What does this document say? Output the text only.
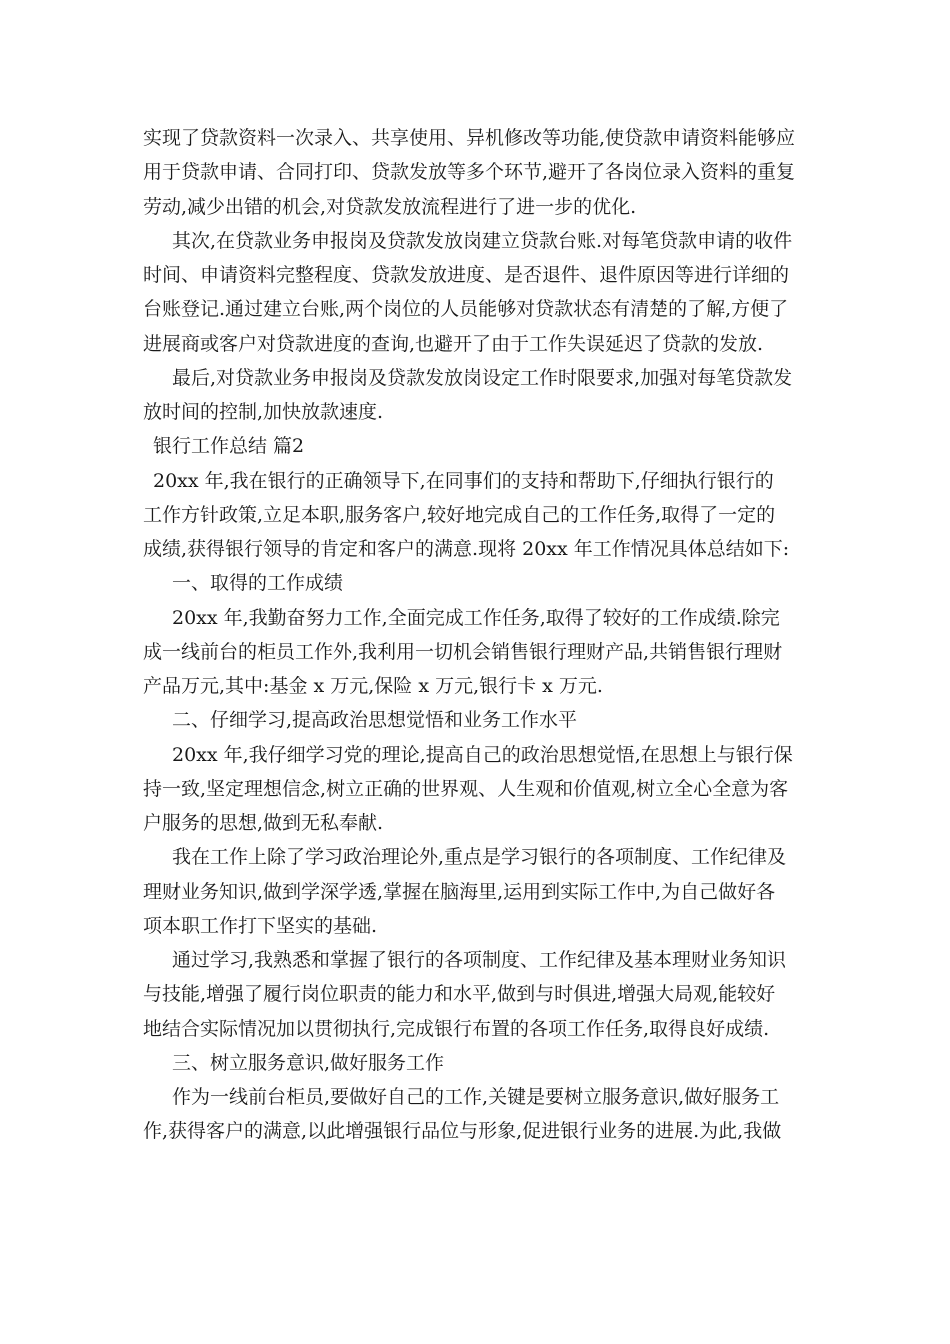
实现了贷款资料一次录入、共享使用、异机修改等功能,使贷款申请资料能够应
用于贷款申请、合同打印、贷款发放等多个环节,避开了各岗位录入资料的重复
劳动,减少出错的机会,对贷款发放流程进行了进一步的优化.
其次,在贷款业务申报岗及贷款发放岗建立贷款台账.对每笔贷款申请的收件
时间、申请资料完整程度、贷款发放进度、是否退件、退件原因等进行详细的
台账登记.通过建立台账,两个岗位的人员能够对贷款状态有清楚的了解,方便了
进展商或客户对贷款进度的查询,也避开了由于工作失误延迟了贷款的发放.
最后,对贷款业务申报岗及贷款发放岗设定工作时限要求,加强对每笔贷款发
放时间的控制,加快放款速度.
银行工作总结 篇2
20xx 年,我在银行的正确领导下,在同事们的支持和帮助下,仔细执行银行的
工作方针政策,立足本职,服务客户,较好地完成自己的工作任务,取得了一定的
成绩,获得银行领导的肯定和客户的满意.现将 20xx 年工作情况具体总结如下:
一、取得的工作成绩
20xx 年,我勤奋努力工作,全面完成工作任务,取得了较好的工作成绩.除完
成一线前台的柜员工作外,我利用一切机会销售银行理财产品,共销售银行理财
产品万元,其中:基金 x 万元,保险 x 万元,银行卡 x 万元.
二、仔细学习,提高政治思想觉悟和业务工作水平
20xx 年,我仔细学习党的理论,提高自己的政治思想觉悟,在思想上与银行保
持一致,坚定理想信念,树立正确的世界观、人生观和价值观,树立全心全意为客
户服务的思想,做到无私奉献.
我在工作上除了学习政治理论外,重点是学习银行的各项制度、工作纪律及
理财业务知识,做到学深学透,掌握在脑海里,运用到实际工作中,为自己做好各
项本职工作打下坚实的基础.
通过学习,我熟悉和掌握了银行的各项制度、工作纪律及基本理财业务知识
与技能,增强了履行岗位职责的能力和水平,做到与时俱进,增强大局观,能较好
地结合实际情况加以贯彻执行,完成银行布置的各项工作任务,取得良好成绩.
三、树立服务意识,做好服务工作
作为一线前台柜员,要做好自己的工作,关键是要树立服务意识,做好服务工
作,获得客户的满意,以此增强银行品位与形象,促进银行业务的进展.为此,我做
